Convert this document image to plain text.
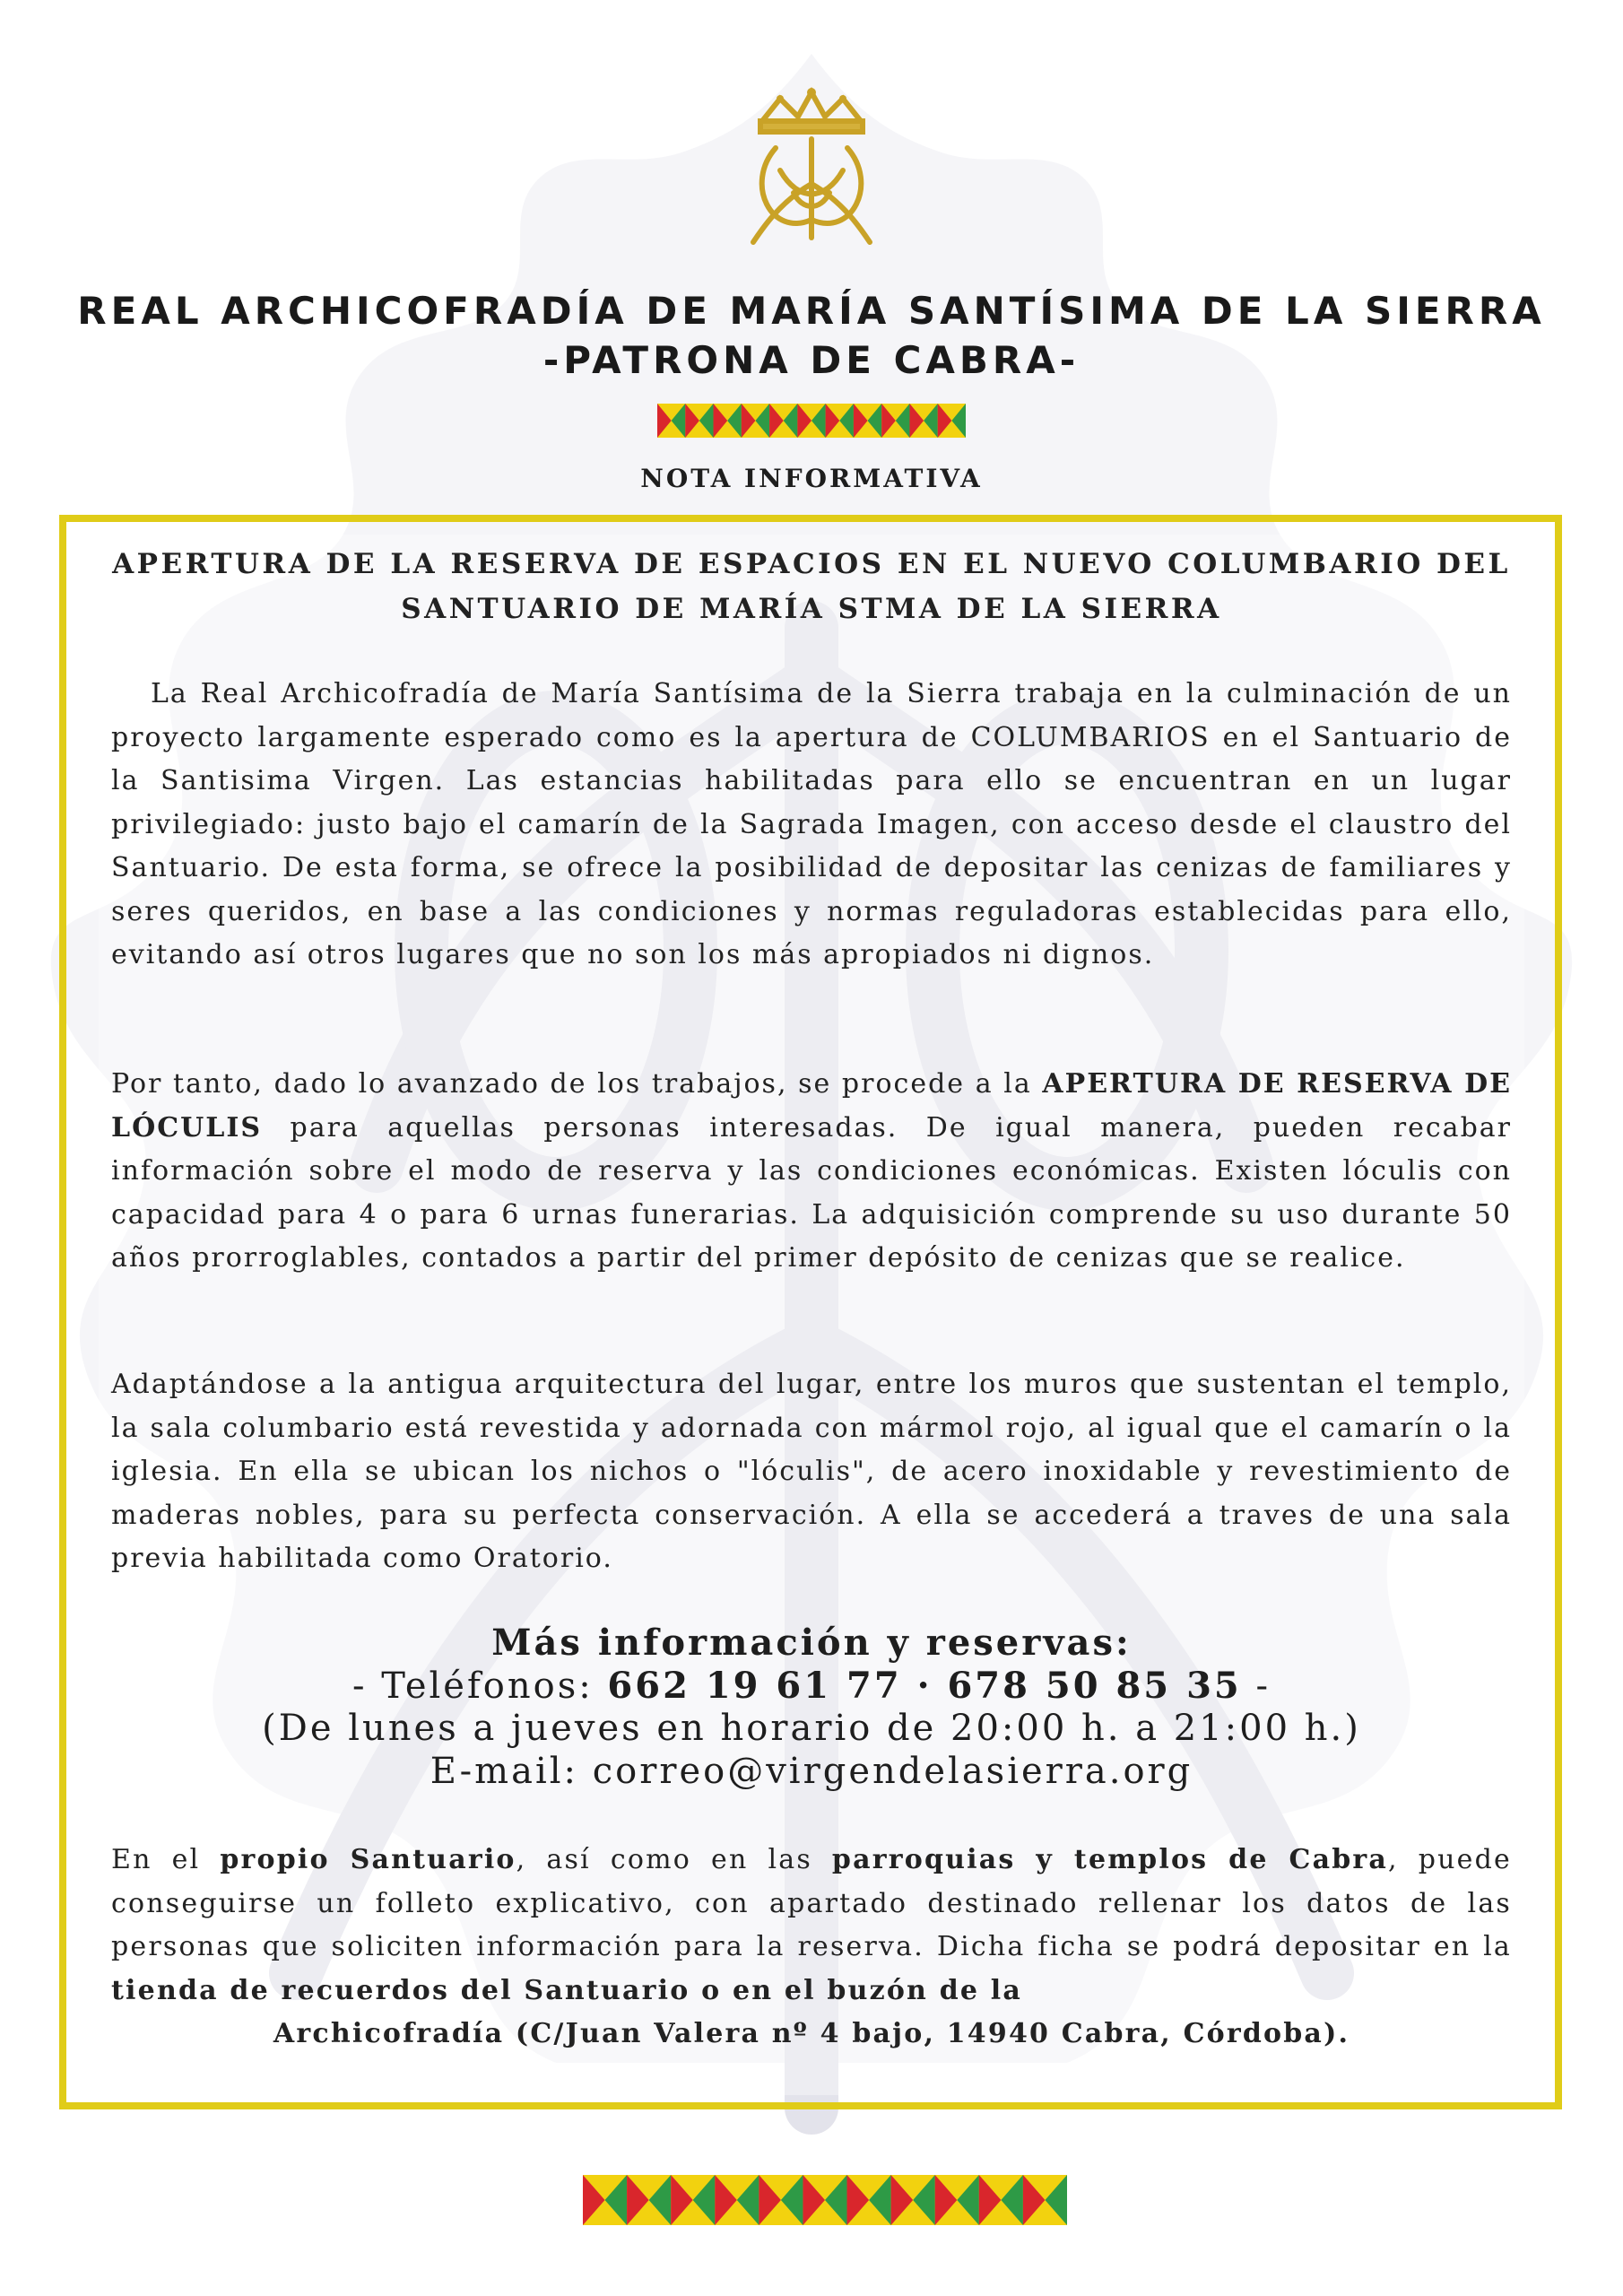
REAL ARCHICOFRADÍA DE MARÍA SANTÍSIMA DE LA SIERRA
-PATRONA DE CABRA-
NOTA INFORMATIVA
APERTURA DE LA RESERVA DE ESPACIOS EN EL NUEVO COLUMBARIO DEL
SANTUARIO DE MARÍA STMA DE LA SIERRA
La Real Archicofradía de María Santísima de la Sierra trabaja en la culminación de un proyecto largamente esperado como es la apertura de COLUMBARIOS en el Santuario de la Santisima Virgen. Las estancias habilitadas para ello se encuentran en un lugar privilegiado: justo bajo el camarín de la Sagrada Imagen, con acceso desde el claustro del Santuario. De esta forma, se ofrece la posibilidad de depositar las cenizas de familiares y seres queridos, en base a las condiciones y normas reguladoras establecidas para ello, evitando así otros lugares que no son los más apropiados ni dignos.
Por tanto, dado lo avanzado de los trabajos, se procede a la APERTURA DE RESERVA DE LÓCULIS para aquellas personas interesadas. De igual manera, pueden recabar información sobre el modo de reserva y las condiciones económicas. Existen lóculis con capacidad para 4 o para 6 urnas funerarias. La adquisición comprende su uso durante 50 años prorroglables, contados a partir del primer depósito de cenizas que se realice.
Adaptándose a la antigua arquitectura del lugar, entre los muros que sustentan el templo, la sala columbario está revestida y adornada con mármol rojo, al igual que el camarín o la iglesia. En ella se ubican los nichos o "lóculis", de acero inoxidable y revestimiento de maderas nobles, para su perfecta conservación. A ella se accederá a traves de una sala previa habilitada como Oratorio.
Más información y reservas:
- Teléfonos: 662 19 61 77 · 678 50 85 35 -
(De lunes a jueves en horario de 20:00 h. a 21:00 h.)
E-mail: correo@virgendelasierra.org
En el propio Santuario, así como en las parroquias y templos de Cabra, puede conseguirse un folleto explicativo, con apartado destinado rellenar los datos de las personas que soliciten información para la reserva. Dicha ficha se podrá depositar en la tienda de recuerdos del Santuario o en el buzón de la
Archicofradía (C/Juan Valera nº 4 bajo, 14940 Cabra, Córdoba).
